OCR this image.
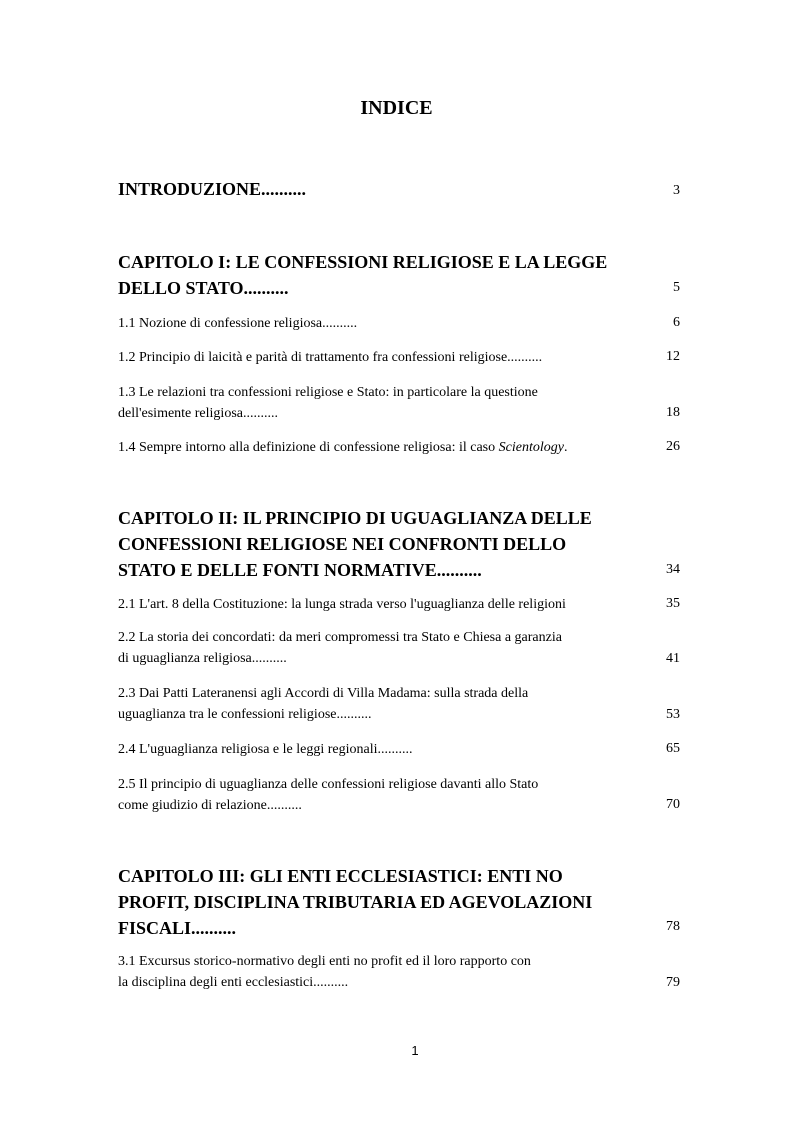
INDICE
INTRODUZIONE..........	3
CAPITOLO I: LE CONFESSIONI RELIGIOSE E LA LEGGE
DELLO STATO..........	5
1.1 Nozione di confessione religiosa..........	6
1.2 Principio di laicità e parità di trattamento fra confessioni religiose..........	12
1.3 Le relazioni tra confessioni religiose e Stato: in particolare la questione
dell'esimente religiosa..........	18
1.4 Sempre intorno alla definizione di confessione religiosa: il caso Scientology.	26
CAPITOLO II: IL PRINCIPIO DI UGUAGLIANZA DELLE
CONFESSIONI RELIGIOSE NEI CONFRONTI DELLO
STATO E DELLE FONTI NORMATIVE..........	34
2.1 L'art. 8 della Costituzione: la lunga strada verso l'uguaglianza delle religioni	35
2.2 La storia dei concordati: da meri compromessi tra Stato e Chiesa a garanzia
di uguaglianza religiosa..........	41
2.3 Dai Patti Lateranensi agli Accordi di Villa Madama: sulla strada della
uguaglianza tra le confessioni religiose..........	53
2.4 L'uguaglianza religiosa e le leggi regionali..........	65
2.5 Il principio di uguaglianza delle confessioni religiose davanti allo Stato
come giudizio di relazione..........	70
CAPITOLO III: GLI ENTI ECCLESIASTICI: ENTI NO
PROFIT, DISCIPLINA TRIBUTARIA ED AGEVOLAZIONI
FISCALI..........	78
3.1 Excursus storico-normativo degli enti no profit ed il loro rapporto con
la disciplina degli enti ecclesiastici..........	79
1
